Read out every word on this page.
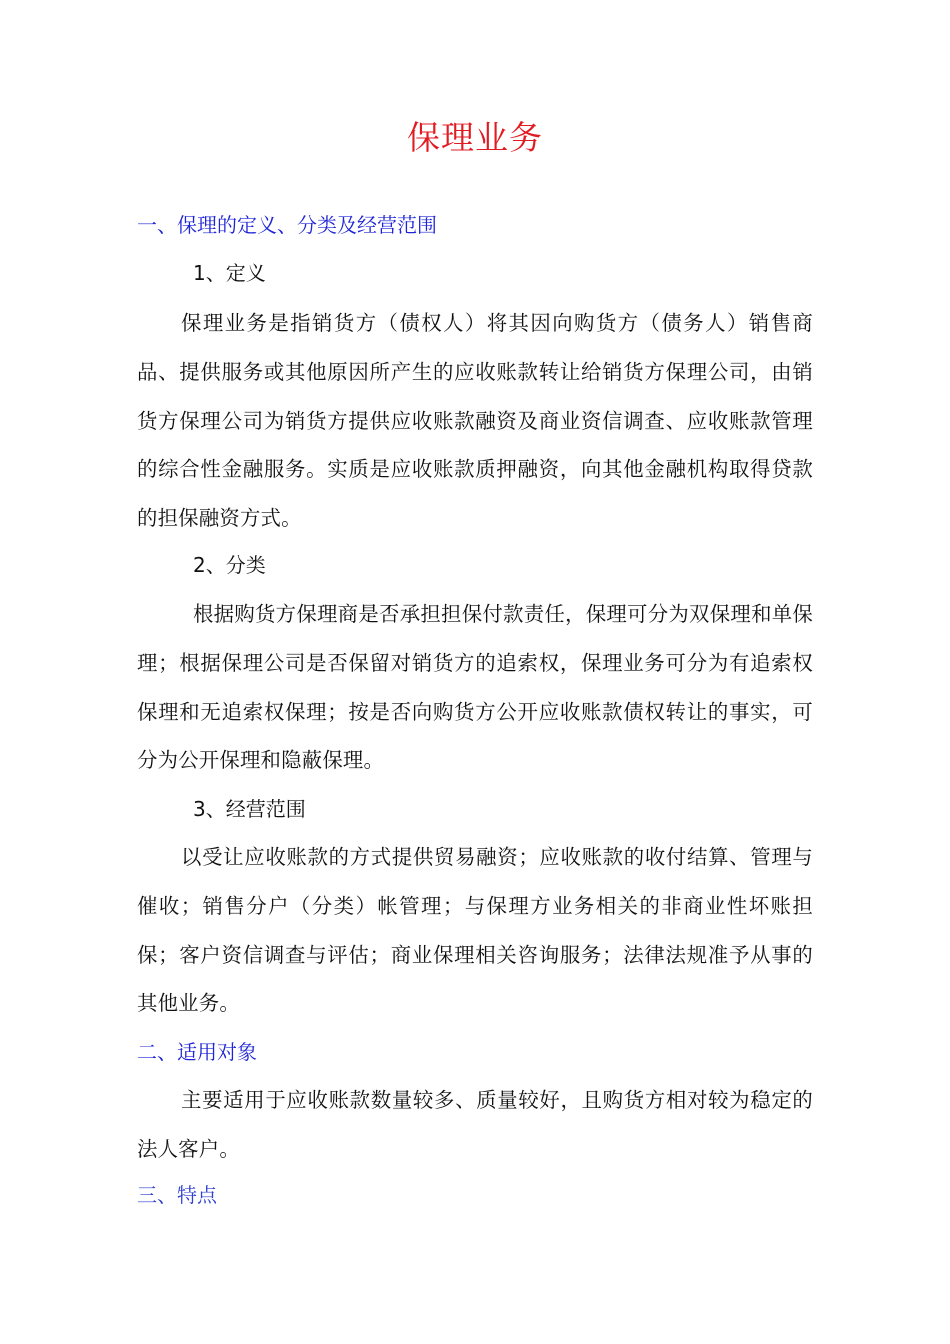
保理业务
一、保理的定义、分类及经营范围
1、定义
保理业务是指销货方（债权人）将其因向购货方（债务人）销售商品、提供服务或其他原因所产生的应收账款转让给销货方保理公司，由销货方保理公司为销货方提供应收账款融资及商业资信调查、应收账款管理的综合性金融服务。实质是应收账款质押融资，向其他金融机构取得贷款的担保融资方式。
2、分类
根据购货方保理商是否承担担保付款责任，保理可分为双保理和单保理；根据保理公司是否保留对销货方的追索权，保理业务可分为有追索权保理和无追索权保理；按是否向购货方公开应收账款债权转让的事实，可分为公开保理和隐蔽保理。
3、经营范围
以受让应收账款的方式提供贸易融资；应收账款的收付结算、管理与催收；销售分户（分类）帐管理；与保理方业务相关的非商业性坏账担保；客户资信调查与评估；商业保理相关咨询服务；法律法规准予从事的其他业务。
二、适用对象
主要适用于应收账款数量较多、质量较好，且购货方相对较为稳定的法人客户。
三、特点
